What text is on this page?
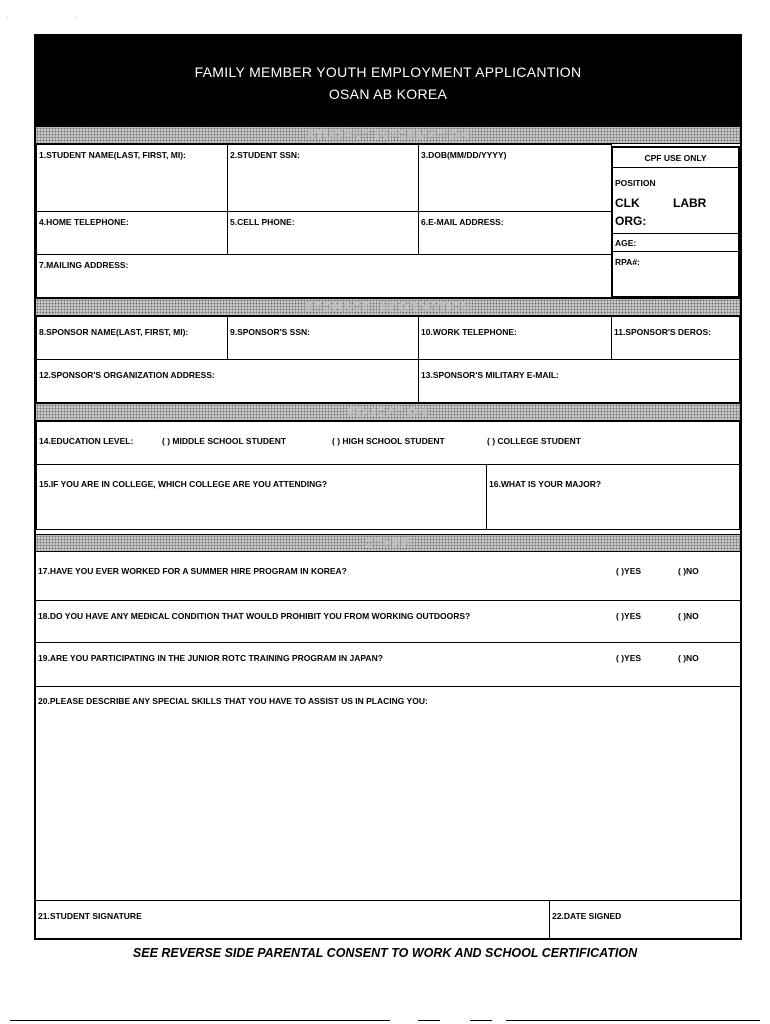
·	·
FAMILY MEMBER YOUTH EMPLOYMENT APPLICANTION
OSAN AB KOREA
STUDENT INFORMATION
1.STUDENT NAME(LAST, FIRST, MI):	2.STUDENT SSN:	3.DOB(MM/DD/YYYY)
4.HOME TELEPHONE:	5.CELL PHONE:	6.E-MAIL ADDRESS:
7.MAILING ADDRESS:
CPF USE ONLY
POSITION
CLK	LABR
ORG:
AGE:
RPA#:
SPONSOR INFORMATION
8.SPONSOR NAME(LAST, FIRST, MI):	9.SPONSOR'S SSN:	10.WORK TELEPHONE:	11.SPONSOR'S DEROS:
12.SPONSOR'S ORGANIZATION ADDRESS:	13.SPONSOR'S MILITARY E-MAIL:
EDUCATION
14.EDUCATION LEVEL:	( ) MIDDLE SCHOOL STUDENT	( ) HIGH SCHOOL STUDENT	( ) COLLEGE STUDENT
15.IF YOU ARE IN COLLEGE, WHICH COLLEGE ARE YOU ATTENDING?	16.WHAT IS YOUR MAJOR?
OTHER
17.HAVE YOU EVER WORKED FOR A SUMMER HIRE PROGRAM IN KOREA?	( )YES	( )NO
18.DO YOU HAVE ANY MEDICAL CONDITION THAT WOULD PROHIBIT YOU FROM WORKING OUTDOORS?	( )YES	( )NO
19.ARE YOU PARTICIPATING IN THE JUNIOR ROTC TRAINING PROGRAM IN JAPAN?	( )YES	( )NO
20.PLEASE DESCRIBE ANY SPECIAL SKILLS THAT YOU HAVE TO ASSIST US IN PLACING YOU:
21.STUDENT SIGNATURE	22.DATE SIGNED
SEE REVERSE SIDE PARENTAL CONSENT TO WORK AND SCHOOL CERTIFICATION
